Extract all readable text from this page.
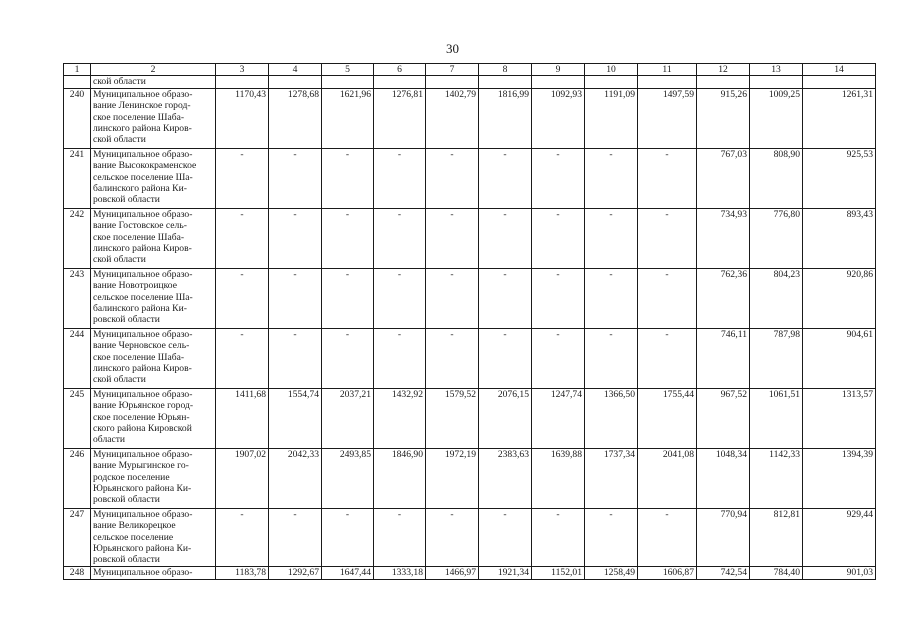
30
1	2	3	4	5	6	7	8	9	10	11	12	13	14
	ской области												
240	Муниципальное образо-
вание Ленинское город-
ское поселение Шаба-
линского района Киров-
ской области	1170,43	1278,68	1621,96	1276,81	1402,79	1816,99	1092,93	1191,09	1497,59	915,26	1009,25	1261,31
241	Муниципальное образо-
вание Высококраменское
сельское поселение Ша-
балинского района Ки-
ровской области	-	-	-	-	-	-	-	-	-	767,03	808,90	925,53
242	Муниципальное образо-
вание Гостовское сель-
ское поселение Шаба-
линского района Киров-
ской области	-	-	-	-	-	-	-	-	-	734,93	776,80	893,43
243	Муниципальное образо-
вание Новотроицкое
сельское поселение Ша-
балинского района Ки-
ровской области	-	-	-	-	-	-	-	-	-	762,36	804,23	920,86
244	Муниципальное образо-
вание Черновское сель-
ское поселение Шаба-
линского района Киров-
ской области	-	-	-	-	-	-	-	-	-	746,11	787,98	904,61
245	Муниципальное образо-
вание Юрьянское город-
ское поселение Юрьян-
ского района Кировской
области	1411,68	1554,74	2037,21	1432,92	1579,52	2076,15	1247,74	1366,50	1755,44	967,52	1061,51	1313,57
246	Муниципальное образо-
вание Мурыгинское го-
родское поселение
Юрьянского района Ки-
ровской области	1907,02	2042,33	2493,85	1846,90	1972,19	2383,63	1639,88	1737,34	2041,08	1048,34	1142,33	1394,39
247	Муниципальное образо-
вание Великорецкое
сельское поселение
Юрьянского района Ки-
ровской области	-	-	-	-	-	-	-	-	-	770,94	812,81	929,44
248	Муниципальное образо-	1183,78	1292,67	1647,44	1333,18	1466,97	1921,34	1152,01	1258,49	1606,87	742,54	784,40	901,03
